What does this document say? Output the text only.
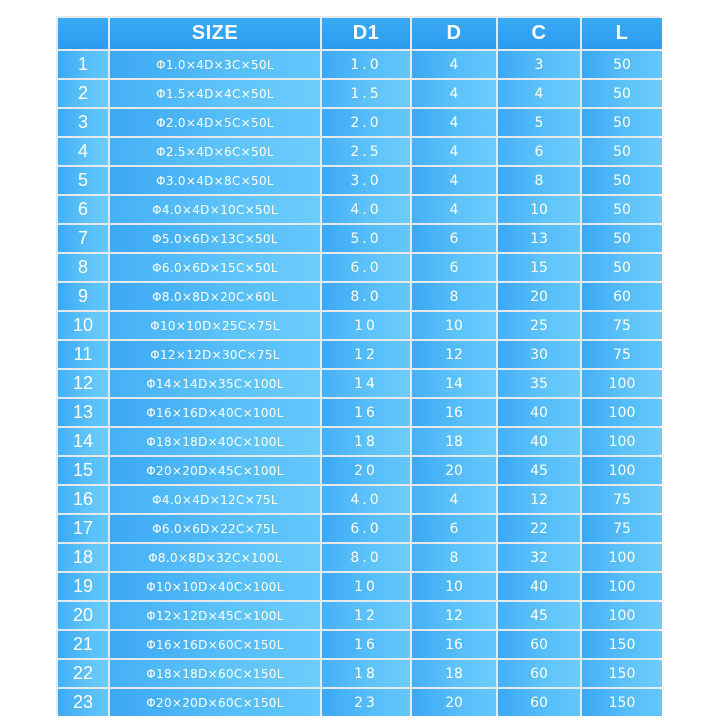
	SIZE	D1	D	C	L
1	Φ1.0×4D×3C×50L	1.0	4	3	50
2	Φ1.5×4D×4C×50L	1.5	4	4	50
3	Φ2.0×4D×5C×50L	2.0	4	5	50
4	Φ2.5×4D×6C×50L	2.5	4	6	50
5	Φ3.0×4D×8C×50L	3.0	4	8	50
6	Φ4.0×4D×10C×50L	4.0	4	10	50
7	Φ5.0×6D×13C×50L	5.0	6	13	50
8	Φ6.0×6D×15C×50L	6.0	6	15	50
9	Φ8.0×8D×20C×60L	8.0	8	20	60
10	Φ10×10D×25C×75L	10	10	25	75
11	Φ12×12D×30C×75L	12	12	30	75
12	Φ14×14D×35C×100L	14	14	35	100
13	Φ16×16D×40C×100L	16	16	40	100
14	Φ18×18D×40C×100L	18	18	40	100
15	Φ20×20D×45C×100L	20	20	45	100
16	Φ4.0×4D×12C×75L	4.0	4	12	75
17	Φ6.0×6D×22C×75L	6.0	6	22	75
18	Φ8.0×8D×32C×100L	8.0	8	32	100
19	Φ10×10D×40C×100L	10	10	40	100
20	Φ12×12D×45C×100L	12	12	45	100
21	Φ16×16D×60C×150L	16	16	60	150
22	Φ18×18D×60C×150L	18	18	60	150
23	Φ20×20D×60C×150L	23	20	60	150
